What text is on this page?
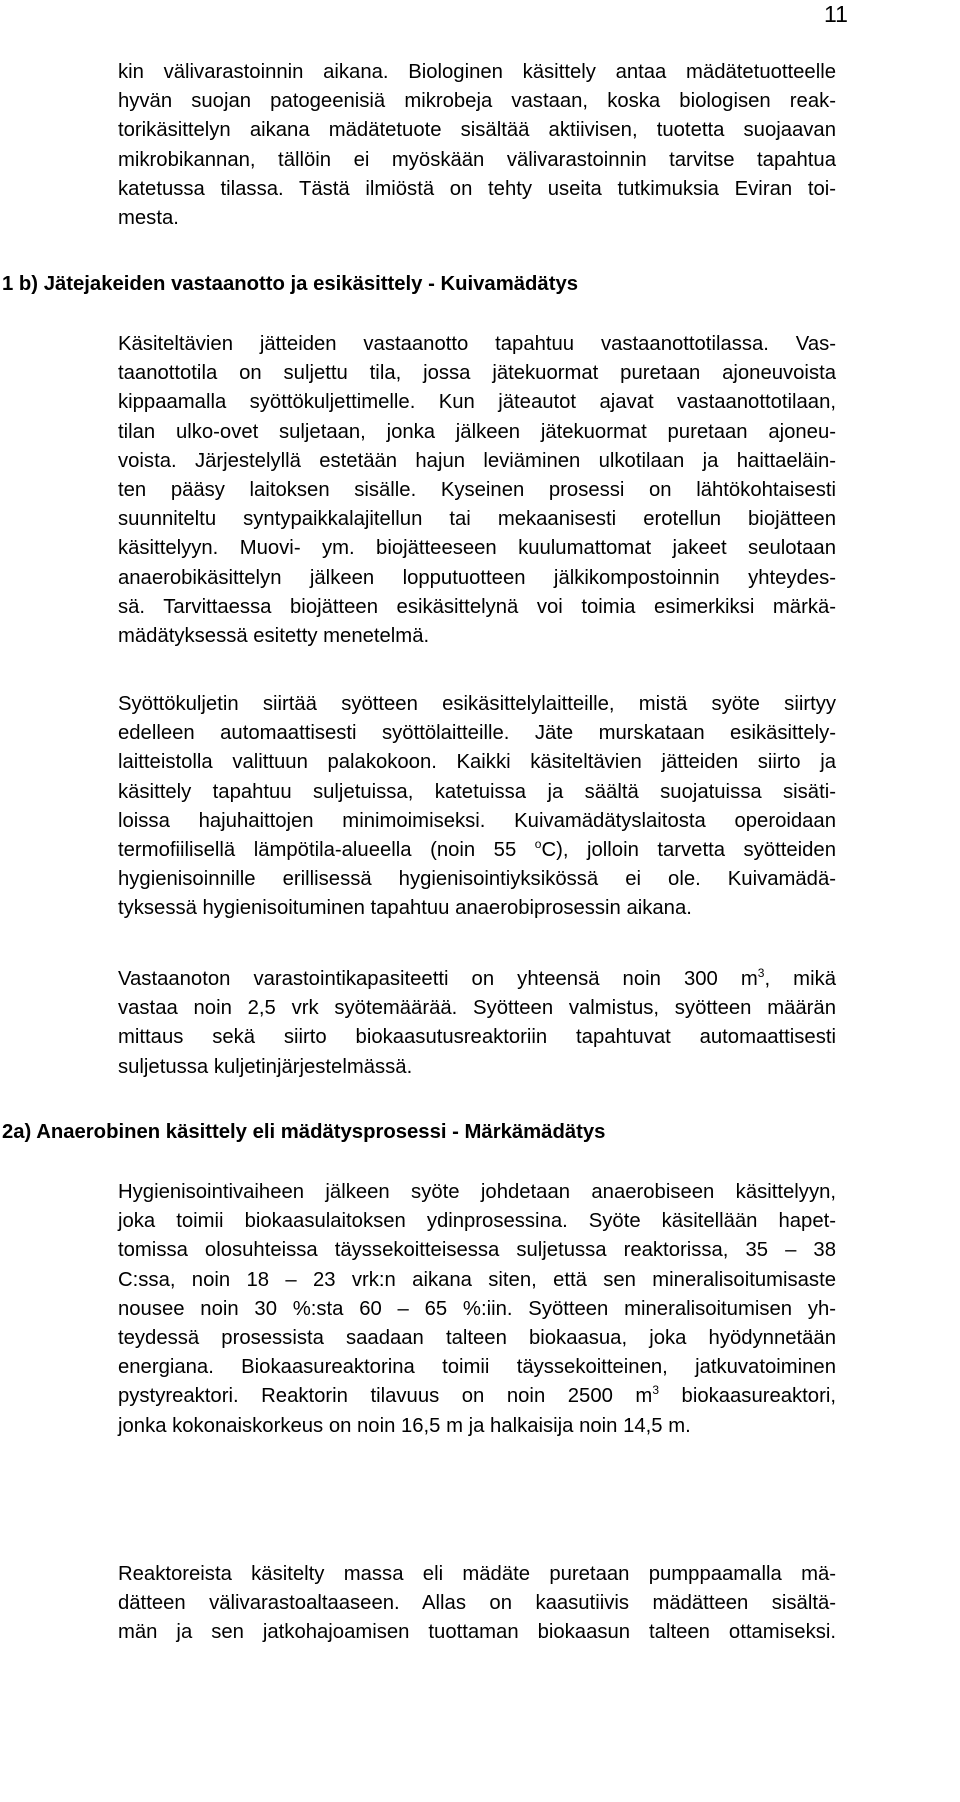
11
kin välivarastoinnin aikana. Biologinen käsittely antaa mädätetuotteelle
hyvän suojan patogeenisiä mikrobeja vastaan, koska biologisen reak-
torikäsittelyn aikana mädätetuote sisältää aktiivisen, tuotetta suojaavan
mikrobikannan, tällöin ei myöskään välivarastoinnin tarvitse tapahtua
katetussa tilassa. Tästä ilmiöstä on tehty useita tutkimuksia Eviran toi-
mesta.
1 b) Jätejakeiden vastaanotto ja esikäsittely - Kuivamädätys
Käsiteltävien jätteiden vastaanotto tapahtuu vastaanottotilassa. Vas-
taanottotila on suljettu tila, jossa jätekuormat puretaan ajoneuvoista
kippaamalla syöttökuljettimelle. Kun jäteautot ajavat vastaanottotilaan,
tilan ulko-ovet suljetaan, jonka jälkeen jätekuormat puretaan ajoneu-
voista. Järjestelyllä estetään hajun leviäminen ulkotilaan ja haittaeläin-
ten pääsy laitoksen sisälle. Kyseinen prosessi on lähtökohtaisesti
suunniteltu syntypaikkalajitellun tai mekaanisesti erotellun biojätteen
käsittelyyn. Muovi- ym. biojätteeseen kuulumattomat jakeet seulotaan
anaerobikäsittelyn jälkeen lopputuotteen jälkikompostoinnin yhteydes-
sä. Tarvittaessa biojätteen esikäsittelynä voi toimia esimerkiksi märkä-
mädätyksessä esitetty menetelmä.
Syöttökuljetin siirtää syötteen esikäsittelylaitteille, mistä syöte siirtyy
edelleen automaattisesti syöttölaitteille. Jäte murskataan esikäsittely-
laitteistolla valittuun palakokoon. Kaikki käsiteltävien jätteiden siirto ja
käsittely tapahtuu suljetuissa, katetuissa ja säältä suojatuissa sisäti-
loissa hajuhaittojen minimoimiseksi. Kuivamädätyslaitosta operoidaan
termofiilisellä lämpötila-alueella (noin 55 $^o$C), jolloin tarvetta syötteiden
hygienisoinnille erillisessä hygienisointiyksikössä ei ole. Kuivamädä-
tyksessä hygienisoituminen tapahtuu anaerobiprosessin aikana.
Vastaanoton varastointikapasiteetti on yhteensä noin 300 $m^3$, mikä
vastaa noin 2,5 vrk syötemäärää. Syötteen valmistus, syötteen määrän
mittaus sekä siirto biokaasutusreaktoriin tapahtuvat automaattisesti
suljetussa kuljetinjärjestelmässä.
2a) Anaerobinen käsittely eli mädätysprosessi - Märkämädätys
Hygienisointivaiheen jälkeen syöte johdetaan anaerobiseen käsittelyyn,
joka toimii biokaasulaitoksen ydinprosessina. Syöte käsitellään hapet-
tomissa olosuhteissa täyssekoitteisessa suljetussa reaktorissa, 35 – 38
C:ssa, noin 18 – 23 vrk:n aikana siten, että sen mineralisoitumisaste
nousee noin 30 %:sta 60 – 65 %:iin. Syötteen mineralisoitumisen yh-
teydessä prosessista saadaan talteen biokaasua, joka hyödynnetään
energiana. Biokaasureaktorina toimii täyssekoitteinen, jatkuvatoiminen
pystyreaktori. Reaktorin tilavuus on noin 2500 $m^3$ biokaasureaktori,
jonka kokonaiskorkeus on noin 16,5 m ja halkaisija noin 14,5 m.
Reaktoreista käsitelty massa eli mädäte puretaan pumppaamalla mä-
dätteen välivarastoaltaaseen. Allas on kaasutiivis mädätteen sisältä-
män ja sen jatkohajoamisen tuottaman biokaasun talteen ottamiseksi.
